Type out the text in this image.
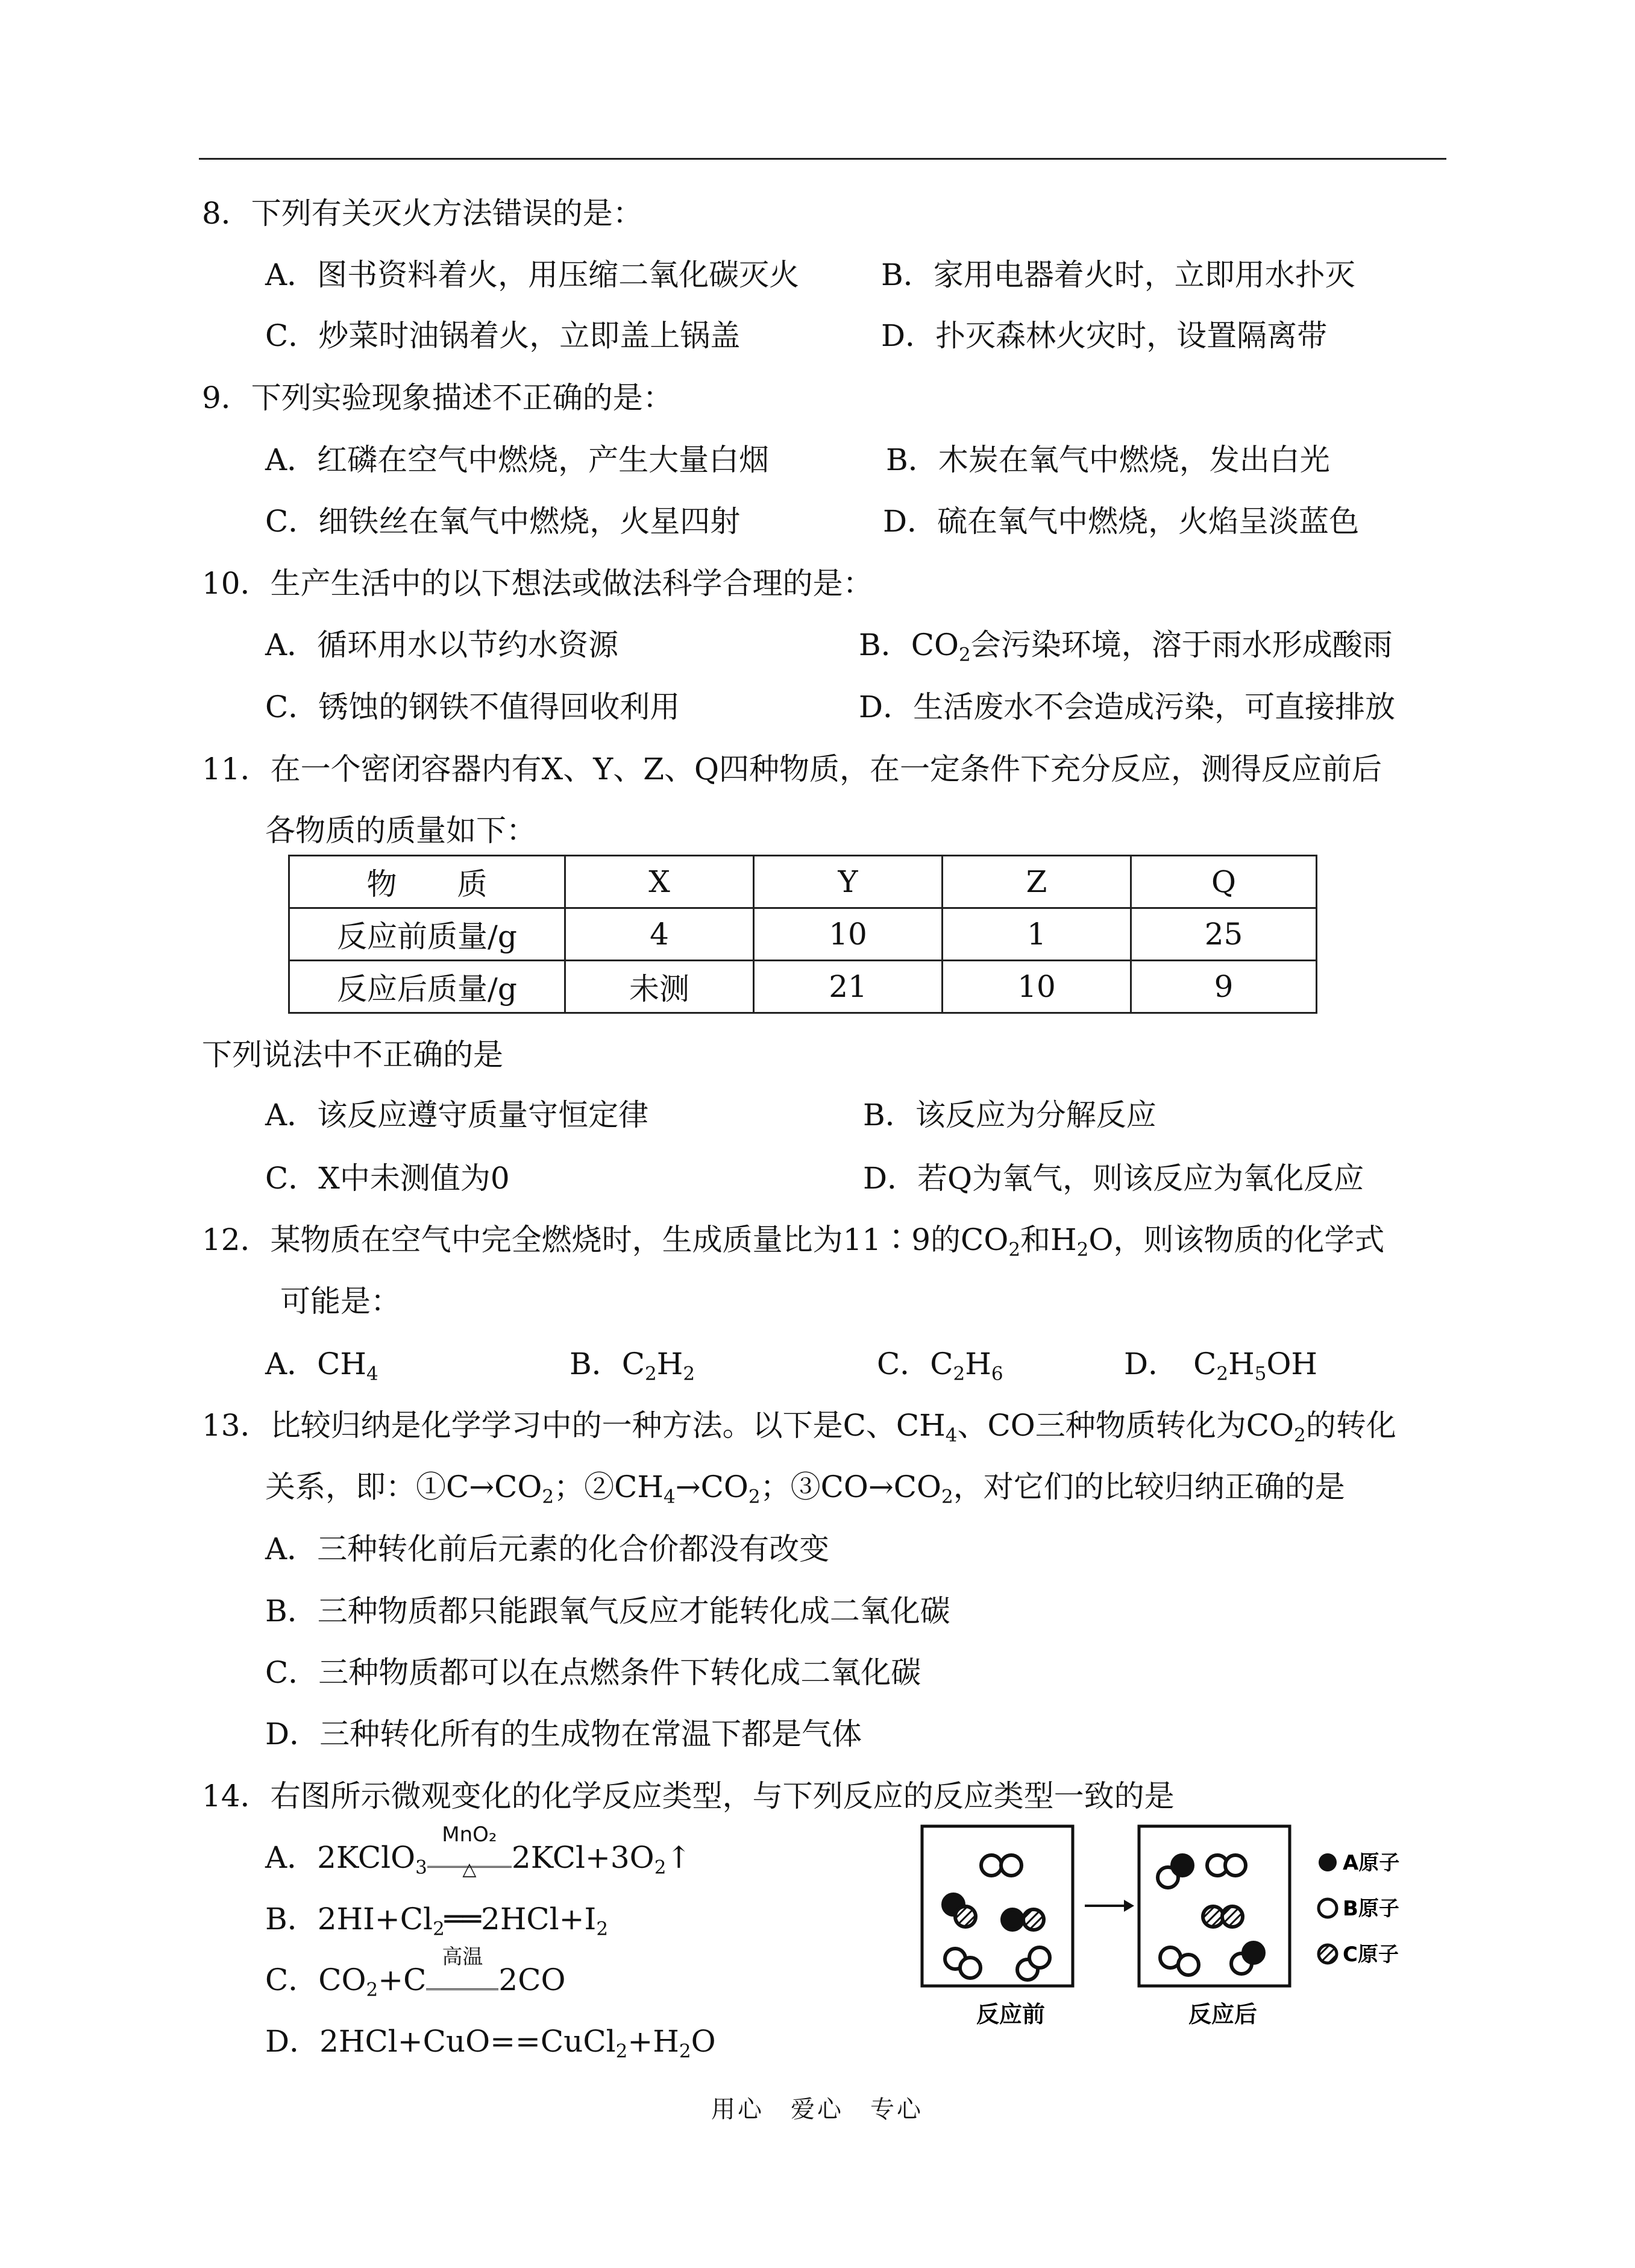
8．下列有关灭火方法错误的是：
A．图书资料着火，用压缩二氧化碳灭火	B．家用电器着火时，立即用水扑灭
C．炒菜时油锅着火，立即盖上锅盖	D．扑灭森林火灾时，设置隔离带
9．下列实验现象描述不正确的是：
A．红磷在空气中燃烧，产生大量白烟	B．木炭在氧气中燃烧，发出白光
C．细铁丝在氧气中燃烧，火星四射	D．硫在氧气中燃烧，火焰呈淡蓝色
10．生产生活中的以下想法或做法科学合理的是：
A．循环用水以节约水资源	B．$CO_2$会污染环境，溶于雨水形成酸雨
C．锈蚀的钢铁不值得回收利用	D．生活废水不会造成污染，可直接排放
11．在一个密闭容器内有X、Y、Z、Q四种物质，在一定条件下充分反应，测得反应前后
各物质的质量如下：
物　　质	X	Y	Z	Q
反应前质量/g	4	10	1	25
反应后质量/g	未测	21	10	9
下列说法中不正确的是
A．该反应遵守质量守恒定律	B．该反应为分解反应
C．X中未测值为0	D．若Q为氧气，则该反应为氧化反应
12．某物质在空气中完全燃烧时，生成质量比为11∶9的$CO_2$和$H_2O$，则该物质的化学式
可能是：
A．$CH_4$	B．$C_2H_2$	C．$C_2H_6$	D．　$C_2H_5OH$
13．比较归纳是化学学习中的一种方法。以下是C、$CH_4$、CO三种物质转化为$CO_2$的转化
关系，即：$①C\to CO_2$；$②CH_4\to CO_2$；$③CO\to CO_2$，对它们的比较归纳正确的是
A．三种转化前后元素的化合价都没有改变
B．三种物质都只能跟氧气反应才能转化成二氧化碳
C．三种物质都可以在点燃条件下转化成二氧化碳
D．三种转化所有的生成物在常温下都是气体
14．右图所示微观变化的化学反应类型，与下列反应的反应类型一致的是
A．2KClO$_3$
MnO₂
△	$2KCl+3O_2↑$
B．$2HI+Cl_2══2HCl+I_2$
C．$CO_2+C$
高温
2CO
D．$2HCl+CuO==CuCl_2+H_2O$
反应前	反应后
A原子
B原子
C原子
用心　爱心　专心
